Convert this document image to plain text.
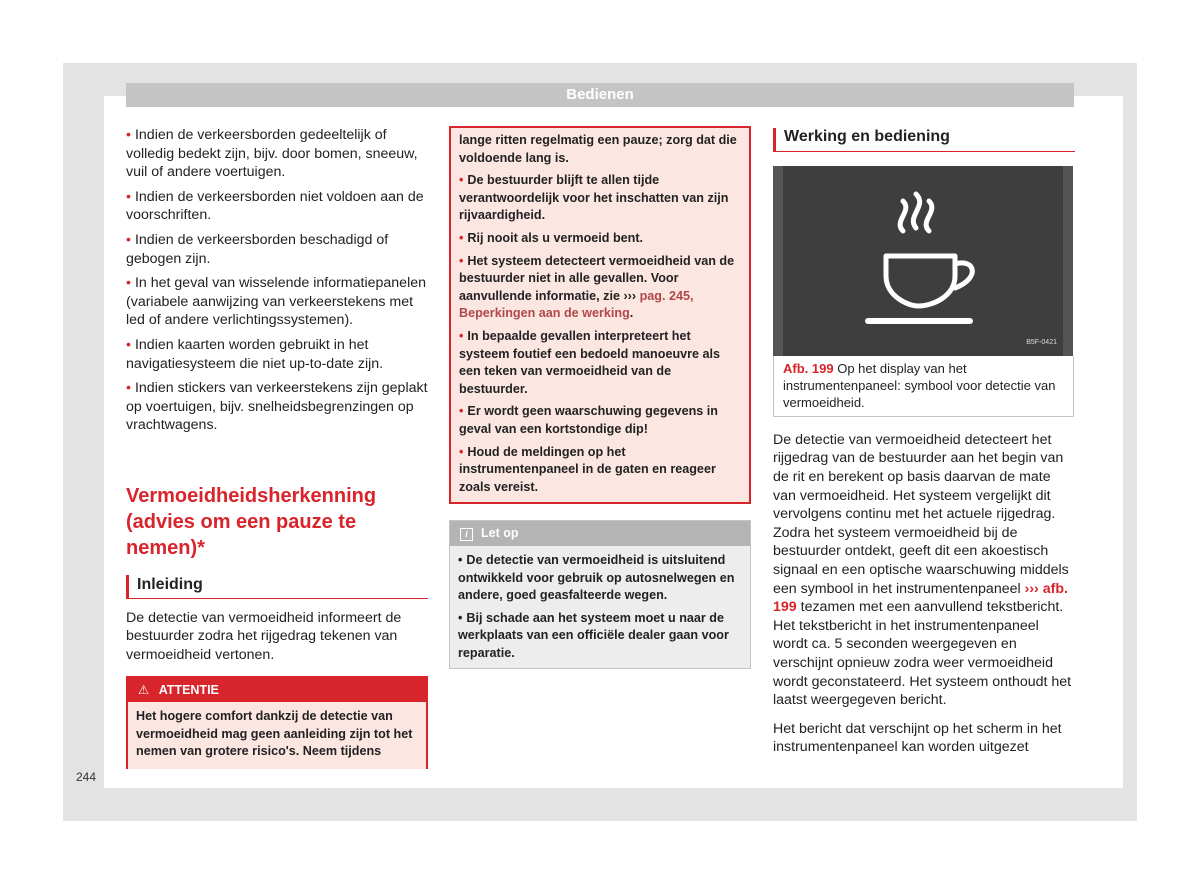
Bedienen
• Indien de verkeersborden gedeeltelijk of volledig bedekt zijn, bijv. door bomen, sneeuw, vuil of andere voertuigen.
• Indien de verkeersborden niet voldoen aan de voorschriften.
• Indien de verkeersborden beschadigd of gebogen zijn.
• In het geval van wisselende informatiepanelen (variabele aanwijzing van verkeerstekens met led of andere verlichtingssystemen).
• Indien kaarten worden gebruikt in het navigatiesysteem die niet up-to-date zijn.
• Indien stickers van verkeerstekens zijn geplakt op voertuigen, bijv. snelheidsbegrenzingen op vrachtwagens.
Vermoeidheidsherkenning (advies om een pauze te nemen)*
Inleiding

De detectie van vermoeidheid informeert de bestuurder zodra het rijgedrag tekenen van vermoeidheid vertonen.

⚠ ATTENTIE
Het hogere comfort dankzij de detectie van vermoeidheid mag geen aanleiding zijn tot het nemen van grotere risico's. Neem tijdens

lange ritten regelmatig een pauze; zorg dat die voldoende lang is.

• De bestuurder blijft te allen tijde verantwoordelijk voor het inschatten van zijn rijvaardigheid.

• Rij nooit als u vermoeid bent.

• Het systeem detecteert vermoeidheid van de bestuurder niet in alle gevallen. Voor aanvullende informatie, zie ››› pag. 245, Beperkingen aan de werking.

• In bepaalde gevallen interpreteert het systeem foutief een bedoeld manoeuvre als een teken van vermoeidheid van de bestuurder.

• Er wordt geen waarschuwing gegevens in geval van een kortstondige dip!

• Houd de meldingen op het instrumentenpaneel in de gaten en reageer zoals vereist.

i Let op

• De detectie van vermoeidheid is uitsluitend ontwikkeld voor gebruik op autosnelwegen en andere, goed geasfalteerde wegen.

• Bij schade aan het systeem moet u naar de werkplaats van een officiële dealer gaan voor reparatie.

Werking en bediening
B5F-0421
Afb. 199 Op het display van het instrumentenpaneel: symbool voor detectie van vermoeidheid.

De detectie van vermoeidheid detecteert het rijgedrag van de bestuurder aan het begin van de rit en berekent op basis daarvan de mate van vermoeidheid. Het systeem vergelijkt dit vervolgens continu met het actuele rijgedrag. Zodra het systeem vermoeidheid bij de bestuurder ontdekt, geeft dit een akoestisch signaal en een optische waarschuwing middels een symbool in het instrumentenpaneel ››› afb. 199 tezamen met een aanvullend tekstbericht. Het tekstbericht in het instrumentenpaneel wordt ca. 5 seconden weergegeven en verschijnt opnieuw zodra weer vermoeidheid wordt geconstateerd. Het systeem onthoudt het laatst weergegeven bericht.

Het bericht dat verschijnt op het scherm in het instrumentenpaneel kan worden uitgezet

244
